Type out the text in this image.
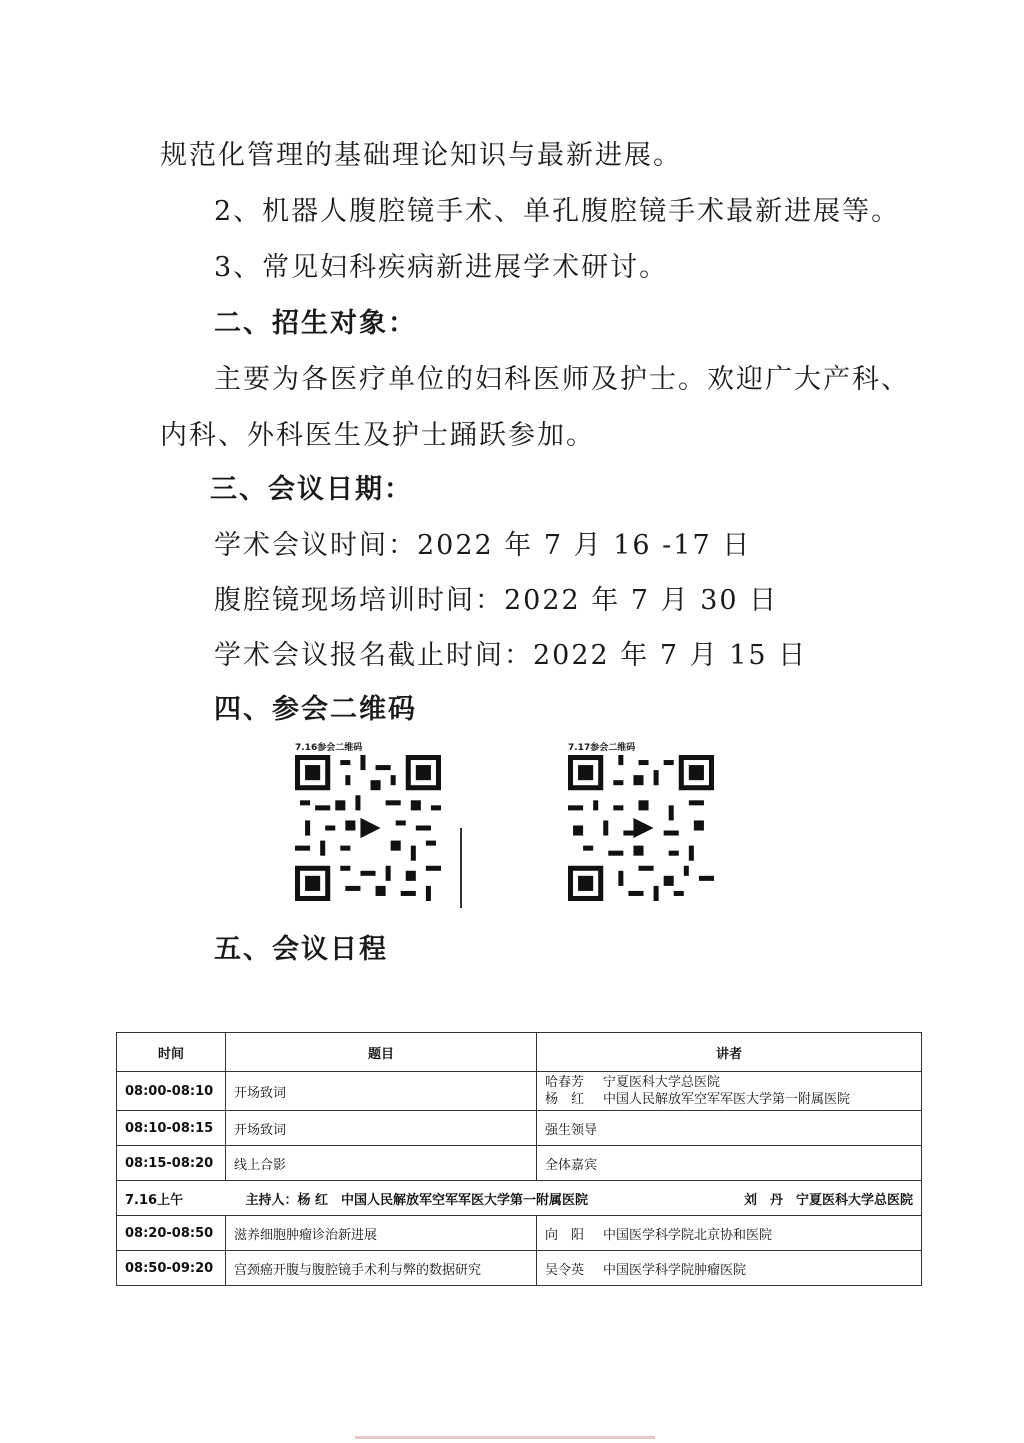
规范化管理的基础理论知识与最新进展。
2、机器人腹腔镜手术、单孔腹腔镜手术最新进展等。
3、常见妇科疾病新进展学术研讨。
二、招生对象：
主要为各医疗单位的妇科医师及护士。欢迎广大产科、
内科、外科医生及护士踊跃参加。
三、会议日期：
学术会议时间：2022 年 7 月 16 -17 日
腹腔镜现场培训时间：2022 年 7 月 30 日
学术会议报名截止时间：2022 年 7 月 15 日
四、参会二维码
7.16参会二维码	7.17参会二维码
五、会议日程
时间	题目	讲者
08:00-08:10	开场致词	哈春芳 宁夏医科大学总医院
杨　红 中国人民解放军空军军医大学第一附属医院

08:10-08:15	开场致词	强生领导
08:15-08:20	线上合影	全体嘉宾
7.16上午	主持人：杨 红　中国人民解放军空军军医大学第一附属医院 刘　丹　宁夏医科大学总医院	

08:20-08:50	滋养细胞肿瘤诊治新进展	向　阳 中国医学科学院北京协和医院
08:50-09:20	宫颈癌开腹与腹腔镜手术利与弊的数据研究	吴令英 中国医学科学院肿瘤医院
